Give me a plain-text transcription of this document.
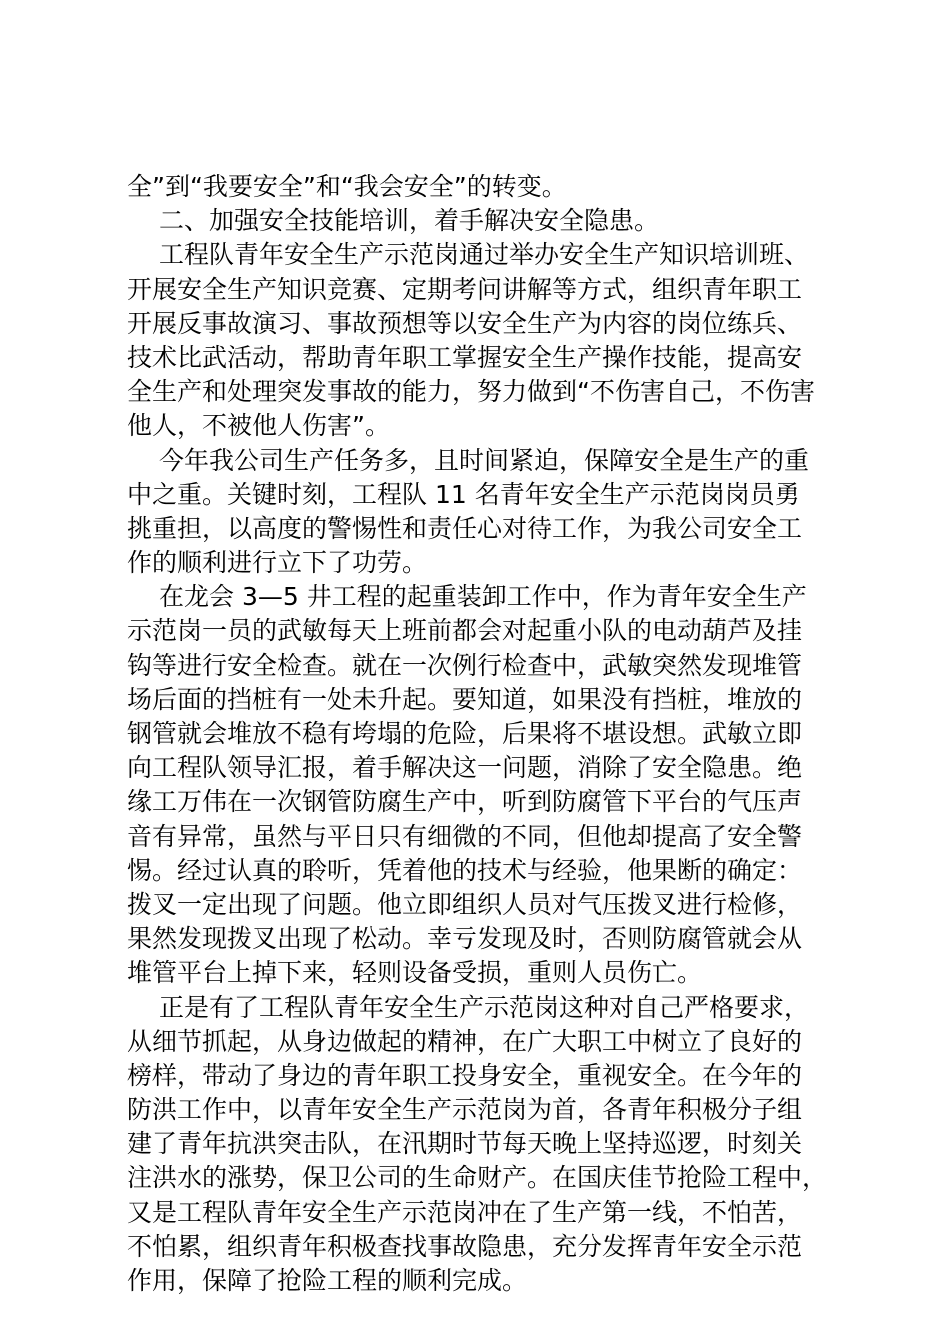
全”到“我要安全”和“我会安全”的转变。
二、加强安全技能培训，着手解决安全隐患。
工程队青年安全生产示范岗通过举办安全生产知识培训班、
开展安全生产知识竞赛、定期考问讲解等方式，组织青年职工
开展反事故演习、事故预想等以安全生产为内容的岗位练兵、
技术比武活动，帮助青年职工掌握安全生产操作技能，提高安
全生产和处理突发事故的能力，努力做到“不伤害自己，不伤害
他人，不被他人伤害”。
今年我公司生产任务多，且时间紧迫，保障安全是生产的重
中之重。关键时刻，工程队 11 名青年安全生产示范岗岗员勇
挑重担，以高度的警惕性和责任心对待工作，为我公司安全工
作的顺利进行立下了功劳。
在龙会 3—5 井工程的起重装卸工作中，作为青年安全生产
示范岗一员的武敏每天上班前都会对起重小队的电动葫芦及挂
钩等进行安全检查。就在一次例行检查中，武敏突然发现堆管
场后面的挡桩有一处未升起。要知道，如果没有挡桩，堆放的
钢管就会堆放不稳有垮塌的危险，后果将不堪设想。武敏立即
向工程队领导汇报，着手解决这一问题，消除了安全隐患。绝
缘工万伟在一次钢管防腐生产中，听到防腐管下平台的气压声
音有异常，虽然与平日只有细微的不同，但他却提高了安全警
惕。经过认真的聆听，凭着他的技术与经验，他果断的确定：
拨叉一定出现了问题。他立即组织人员对气压拨叉进行检修，
果然发现拨叉出现了松动。幸亏发现及时，否则防腐管就会从
堆管平台上掉下来，轻则设备受损，重则人员伤亡。
正是有了工程队青年安全生产示范岗这种对自己严格要求，
从细节抓起，从身边做起的精神，在广大职工中树立了良好的
榜样，带动了身边的青年职工投身安全，重视安全。在今年的
防洪工作中，以青年安全生产示范岗为首，各青年积极分子组
建了青年抗洪突击队，在汛期时节每天晚上坚持巡逻，时刻关
注洪水的涨势，保卫公司的生命财产。在国庆佳节抢险工程中，
又是工程队青年安全生产示范岗冲在了生产第一线，不怕苦，
不怕累，组织青年积极查找事故隐患，充分发挥青年安全示范
作用，保障了抢险工程的顺利完成。
